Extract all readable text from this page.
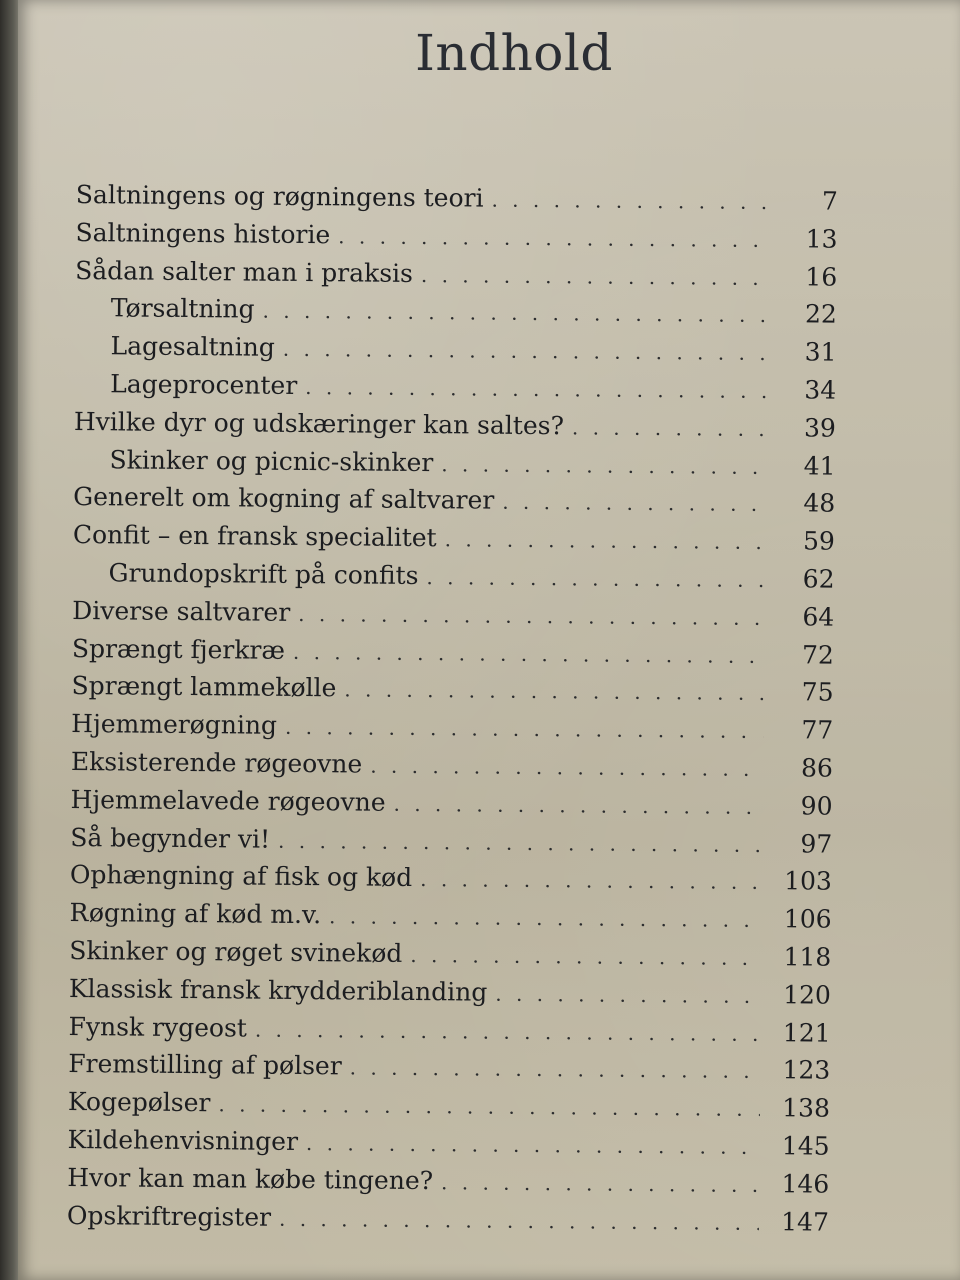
Indhold
Saltningens og røgningens teori . . .	7
Saltningens historie . . .	13
Sådan salter man i praksis . . .	16
Tørsaltning . . .	22
Lagesaltning . . .	31
Lageprocenter . . .	34
Hvilke dyr og udskæringer kan saltes? . . .	39
Skinker og picnic-skinker . . .	41
Generelt om kogning af saltvarer . . .	48
Confit – en fransk specialitet . . .	59
Grundopskrift på confits . . .	62
Diverse saltvarer . . .	64
Sprængt fjerkræ . . .	72
Sprængt lammekølle . . .	75
Hjemmerøgning . . .	77
Eksisterende røgeovne . . .	86
Hjemmelavede røgeovne . . .	90
Så begynder vi! . . .	97
Ophængning af fisk og kød . . .	103
Røgning af kød m.v. . . .	106
Skinker og røget svinekød . . .	118
Klassisk fransk krydderiblanding . . .	120
Fynsk rygeost . . .	121
Fremstilling af pølser . . .	123
Kogepølser . . .	138
Kildehenvisninger . . .	145
Hvor kan man købe tingene? . . .	146
Opskriftregister . . .	147
